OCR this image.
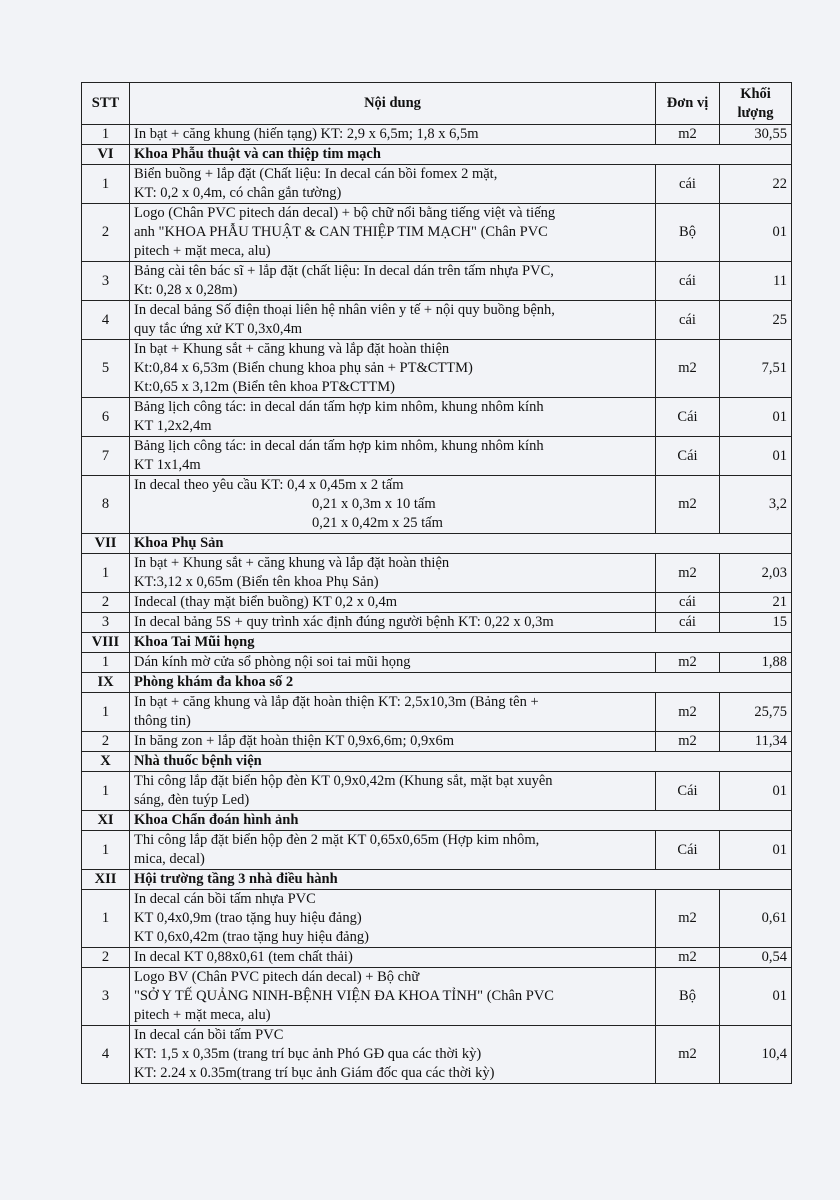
STT	Nội dung	Đơn vị	Khối lượng
1	In bạt + căng khung (hiến tạng) KT: 2,9 x 6,5m; 1,8 x 6,5m	m2	30,55
VI	Khoa Phẫu thuật và can thiệp tim mạch		
1	Biển buồng + lắp đặt (Chất liệu: In decal cán bồi fomex 2 mặt,
KT: 0,2 x 0,4m, có chân gắn tường)	cái	22
2	Logo (Chân PVC pitech dán decal) + bộ chữ nổi bằng tiếng việt và tiếng
anh "KHOA PHẪU THUẬT & CAN THIỆP TIM MẠCH" (Chân PVC
pitech + mặt meca, alu)	Bộ	01
3	Bảng cài tên bác sĩ + lắp đặt (chất liệu: In decal dán trên tấm nhựa PVC,
Kt: 0,28 x 0,28m)	cái	11
4	In decal bảng Số điện thoại liên hệ nhân viên y tế + nội quy buồng bệnh,
quy tắc ứng xử KT 0,3x0,4m	cái	25
5	In bạt + Khung sắt + căng khung và lắp đặt hoàn thiện
Kt:0,84 x 6,53m (Biển chung khoa phụ sản + PT&CTTM)
Kt:0,65 x 3,12m (Biển tên khoa PT&CTTM)	m2	7,51
6	Bảng lịch công tác: in decal dán tấm hợp kim nhôm, khung nhôm kính
KT 1,2x2,4m	Cái	01
7	Bảng lịch công tác: in decal dán tấm hợp kim nhôm, khung nhôm kính
KT 1x1,4m	Cái	01
8	In decal theo yêu cầu KT: 0,4 x 0,45m x 2 tấm
0,21 x 0,3m x 10 tấm
0,21 x 0,42m x 25 tấm	m2	3,2
VII	Khoa Phụ Sản		
1	In bạt + Khung sắt + căng khung và lắp đặt hoàn thiện
KT:3,12 x 0,65m (Biển tên khoa Phụ Sản)	m2	2,03
2	Indecal (thay mặt biển buồng) KT 0,2 x 0,4m	cái	21
3	In decal bảng 5S + quy trình xác định đúng người bệnh KT: 0,22 x 0,3m	cái	15
VIII	Khoa Tai Mũi họng		
1	Dán kính mờ cửa sổ phòng nội soi tai mũi họng	m2	1,88
IX	Phòng khám đa khoa số 2		
1	In bạt + căng khung và lắp đặt hoàn thiện KT: 2,5x10,3m (Bảng tên +
thông tin)	m2	25,75
2	In băng zon + lắp đặt hoàn thiện KT 0,9x6,6m; 0,9x6m	m2	11,34
X	Nhà thuốc bệnh viện		
1	Thi công lắp đặt biển hộp đèn KT 0,9x0,42m (Khung sắt, mặt bạt xuyên
sáng, đèn tuýp Led)	Cái	01
XI	Khoa Chẩn đoán hình ảnh		
1	Thi công lắp đặt biển hộp đèn 2 mặt KT 0,65x0,65m (Hợp kim nhôm,
mica, decal)	Cái	01
XII	Hội trường tầng 3 nhà điều hành		
1	In decal cán bồi tấm nhựa PVC
KT 0,4x0,9m (trao tặng huy hiệu đảng)
KT 0,6x0,42m (trao tặng huy hiệu đảng)	m2	0,61
2	In decal KT 0,88x0,61 (tem chất thải)	m2	0,54
3	Logo BV (Chân PVC pitech dán decal) + Bộ chữ
"SỞ Y TẾ QUẢNG NINH-BỆNH VIỆN ĐA KHOA TỈNH" (Chân PVC
pitech + mặt meca, alu)	Bộ	01
4	In decal cán bồi tấm PVC
KT: 1,5 x 0,35m (trang trí bục ảnh Phó GĐ qua các thời kỳ)
KT: 2.24 x 0.35m(trang trí bục ảnh Giám đốc qua các thời kỳ)	m2	10,4
